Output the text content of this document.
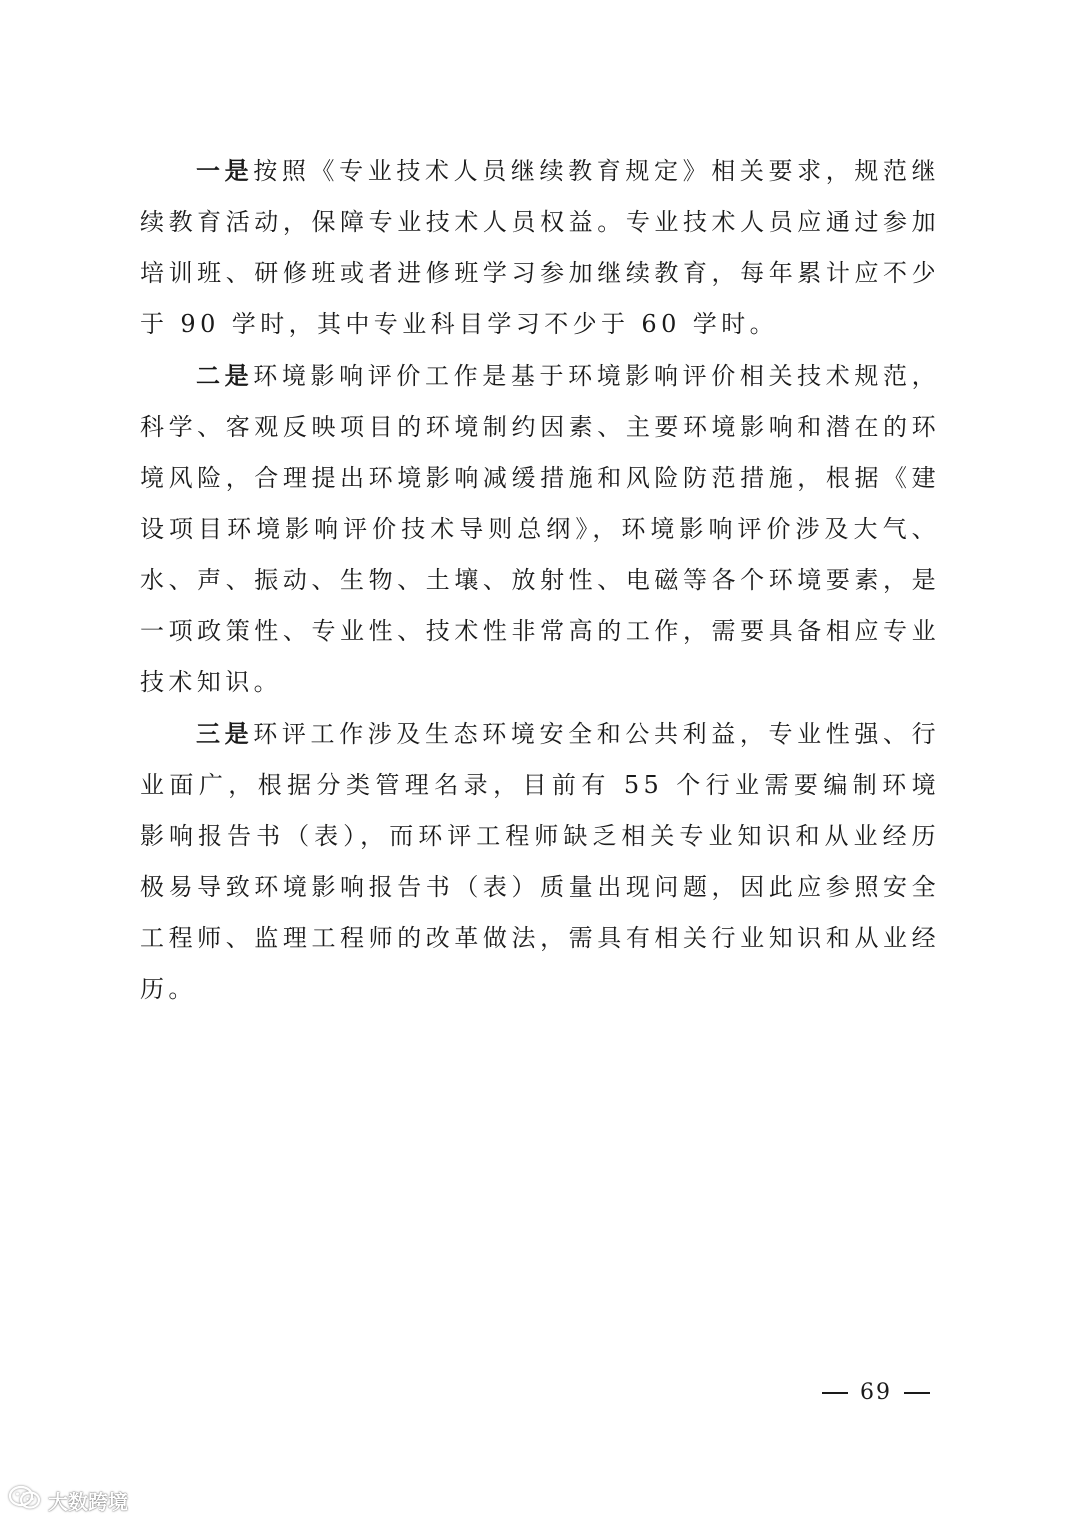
一是按照《专业技术人员继续教育规定》相关要求，规范继续教育活动，保障专业技术人员权益。专业技术人员应通过参加培训班、研修班或者进修班学习参加继续教育，每年累计应不少于 90 学时，其中专业科目学习不少于 60 学时。

二是环境影响评价工作是基于环境影响评价相关技术规范，科学、客观反映项目的环境制约因素、主要环境影响和潜在的环境风险，合理提出环境影响减缓措施和风险防范措施，根据《建设项目环境影响评价技术导则总纲》，环境影响评价涉及大气、水、声、振动、生物、土壤、放射性、电磁等各个环境要素，是一项政策性、专业性、技术性非常高的工作，需要具备相应专业技术知识。

三是环评工作涉及生态环境安全和公共利益，专业性强、行业面广，根据分类管理名录，目前有 55 个行业需要编制环境影响报告书（表），而环评工程师缺乏相关专业知识和从业经历极易导致环境影响报告书（表）质量出现问题，因此应参照安全工程师、监理工程师的改革做法，需具有相关行业知识和从业经历。

69
大数跨境
